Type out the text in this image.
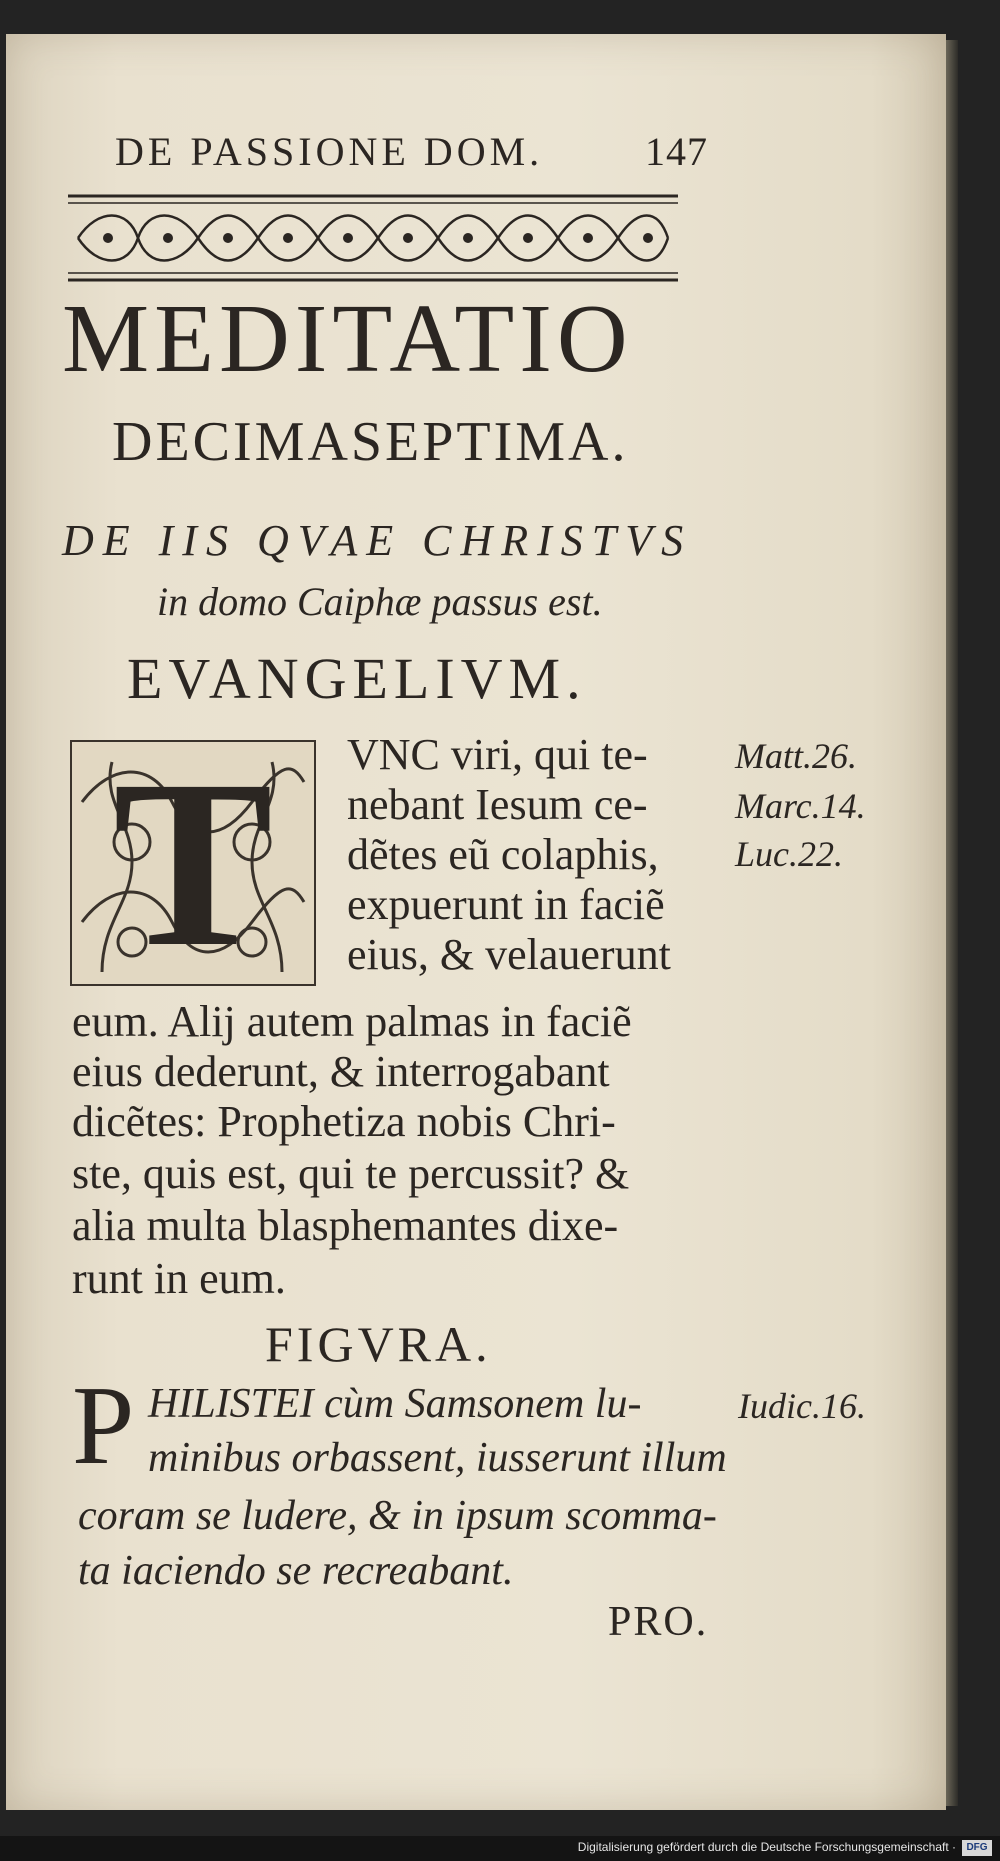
DE PASSIONE DOM.	147
MEDITATIO
DECIMASEPTIMA.
DE IIS QVAE CHRISTVS
in domo Caiphæ passus est.
EVANGELIVM.
T	VNC viri, qui te-
nebant Iesum ce-
dẽtes eũ colaphis,
expuerunt in faciẽ
eius, & velauerunt
eum. Alij autem palmas in faciẽ
eius dederunt, & interrogabant
dicẽtes: Prophetiza nobis Chri-
ste, quis est, qui te percussit? &
alia multa blasphemantes dixe-
runt in eum.
Matt.26.
Marc.14.
Luc.22.
FIGVRA.
P HILISTEI cùm Samsonem lu-
minibus orbassent, iusserunt illum
coram se ludere, & in ipsum scomma-
ta iaciendo se recreabant.
Iudic.16.
PRO.
Digitalisierung gefördert durch die Deutsche Forschungsgemeinschaft ·	DFG
